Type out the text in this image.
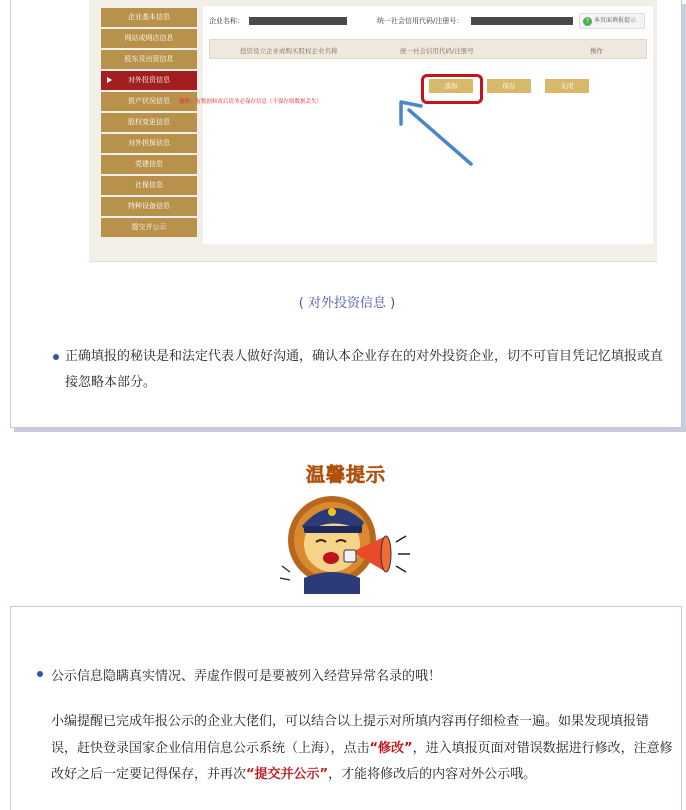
企业基本信息
网站或网店信息
股东及出资信息
对外投资信息
资产状况信息
股权变更信息
对外担保信息
党建信息
社保信息
特种设备信息
提交并公示
企业名称：	统一社会信用代码/注册号：	? 本页面填报提示
投资设立企业或购买股权企业名称	统一社会信用代码/注册号	操作
添加	保存	关闭
提醒：有数据修改后请务必保存信息（不保存则数据丢失）
( 对外投资信息 )
正确填报的秘诀是和法定代表人做好沟通，确认本企业存在的对外投资企业，切不可盲目凭记忆填报或直接忽略本部分。
温馨提示
公示信息隐瞒真实情况、弄虚作假可是要被列入经营异常名录的哦！
小编提醒已完成年报公示的企业大佬们，可以结合以上提示对所填内容再仔细检查一遍。如果发现填报错误，赶快登录国家企业信用信息公示系统（上海），点击“修改”，进入填报页面对错误数据进行修改，注意修改好之后一定要记得保存，并再次“提交并公示”，才能将修改后的内容对外公示哦。
